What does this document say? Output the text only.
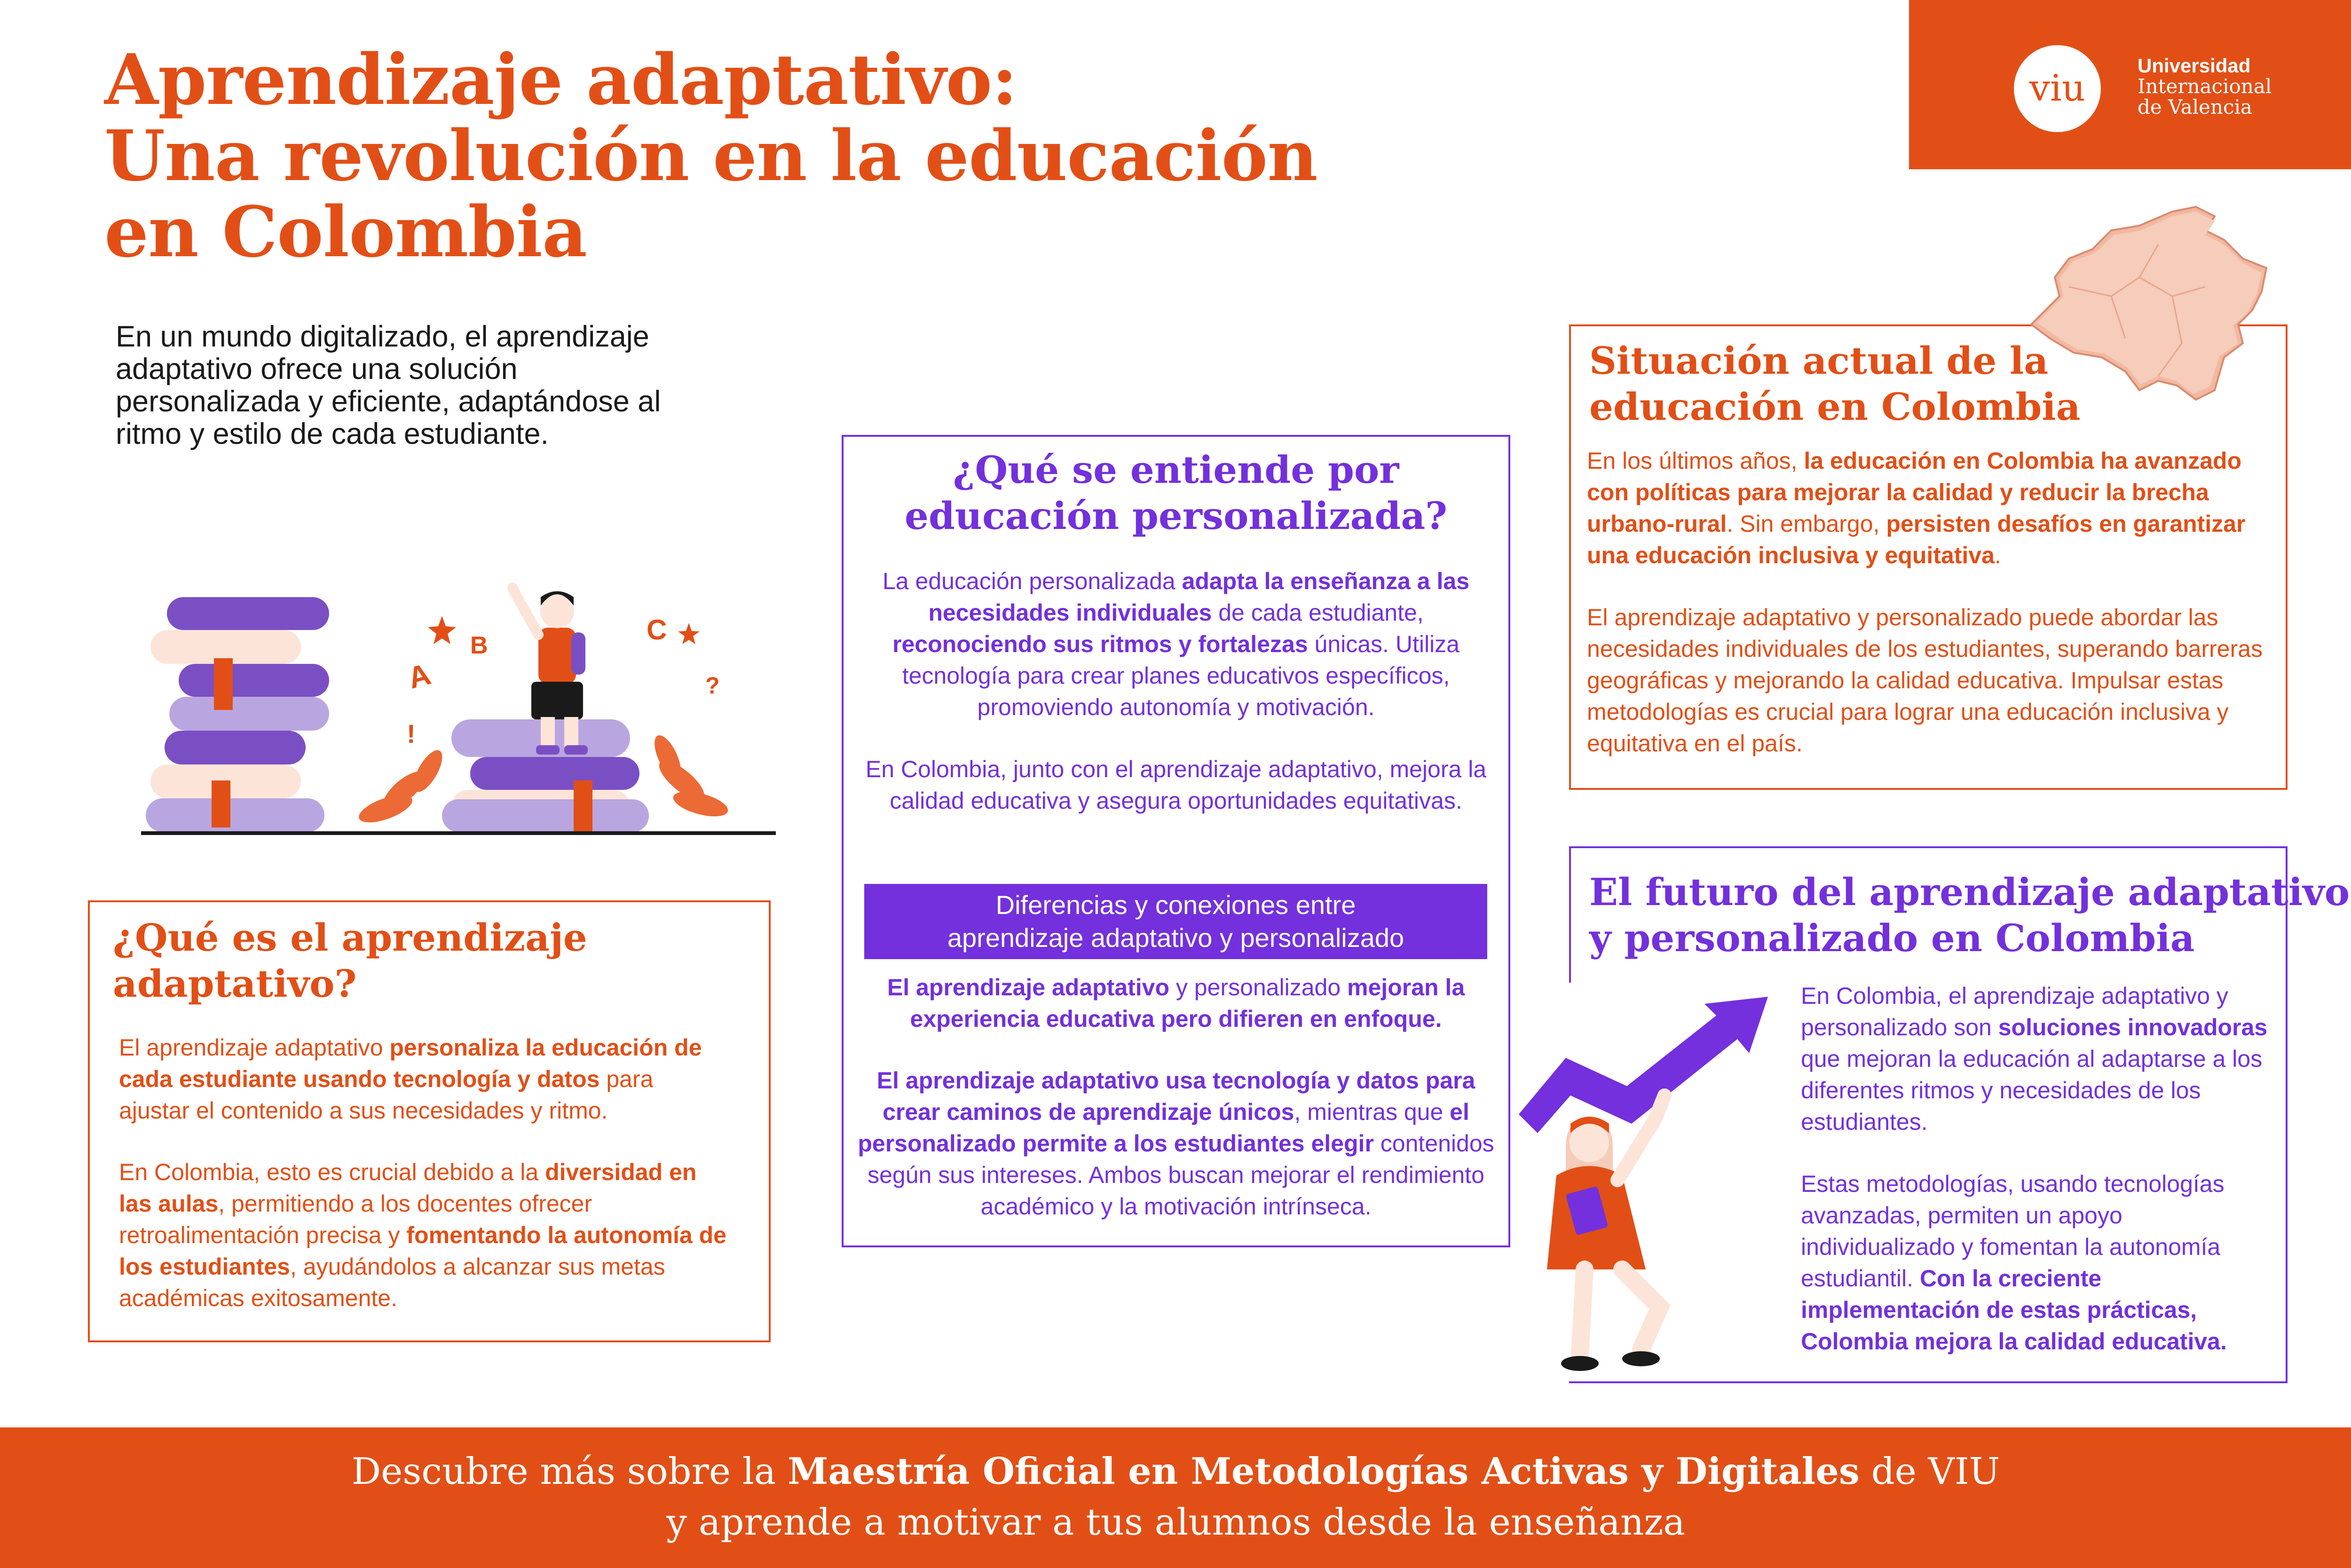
Aprendizaje adaptativo:
Una revolución en la educación
en Colombia
En un mundo digitalizado, el aprendizaje
adaptativo ofrece una solución
personalizada y eficiente, adaptándose al
ritmo y estilo de cada estudiante.
viu
Universidad
Internacional
de Valencia
A
B	C
?
!
¿Qué es el aprendizaje
adaptativo?

El aprendizaje adaptativo personaliza la educación de cada estudiante usando tecnología y datos para ajustar el contenido a sus necesidades y ritmo.

En Colombia, esto es crucial debido a la diversidad en las aulas, permitiendo a los docentes ofrecer retroalimentación precisa y fomentando la autonomía de los estudiantes, ayudándolos a alcanzar sus metas académicas exitosamente.

¿Qué se entiende por
educación personalizada?

La educación personalizada adapta la enseñanza a las necesidades individuales de cada estudiante, reconociendo sus ritmos y fortalezas únicas. Utiliza tecnología para crear planes educativos específicos, promoviendo autonomía y motivación.

En Colombia, junto con el aprendizaje adaptativo, mejora la calidad educativa y asegura oportunidades equitativas.

Diferencias y conexiones entre
aprendizaje adaptativo y personalizado

El aprendizaje adaptativo y personalizado mejoran la experiencia educativa pero difieren en enfoque.

El aprendizaje adaptativo usa tecnología y datos para crear caminos de aprendizaje únicos, mientras que el personalizado permite a los estudiantes elegir contenidos según sus intereses. Ambos buscan mejorar el rendimiento académico y la motivación intrínseca.

Situación actual de la
educación en Colombia

En los últimos años, la educación en Colombia ha avanzado con políticas para mejorar la calidad y reducir la brecha urbano-rural. Sin embargo, persisten desafíos en garantizar una educación inclusiva y equitativa.

El aprendizaje adaptativo y personalizado puede abordar las necesidades individuales de los estudiantes, superando barreras geográficas y mejorando la calidad educativa. Impulsar estas metodologías es crucial para lograr una educación inclusiva y equitativa en el país.

El futuro del aprendizaje adaptativo
y personalizado en Colombia

En Colombia, el aprendizaje adaptativo y personalizado son soluciones innovadoras que mejoran la educación al adaptarse a los diferentes ritmos y necesidades de los estudiantes.

Estas metodologías, usando tecnologías avanzadas, permiten un apoyo individualizado y fomentan la autonomía estudiantil. Con la creciente implementación de estas prácticas, Colombia mejora la calidad educativa.

Descubre más sobre la Maestría Oficial en Metodologías Activas y Digitales de VIU
y aprende a motivar a tus alumnos desde la enseñanza
